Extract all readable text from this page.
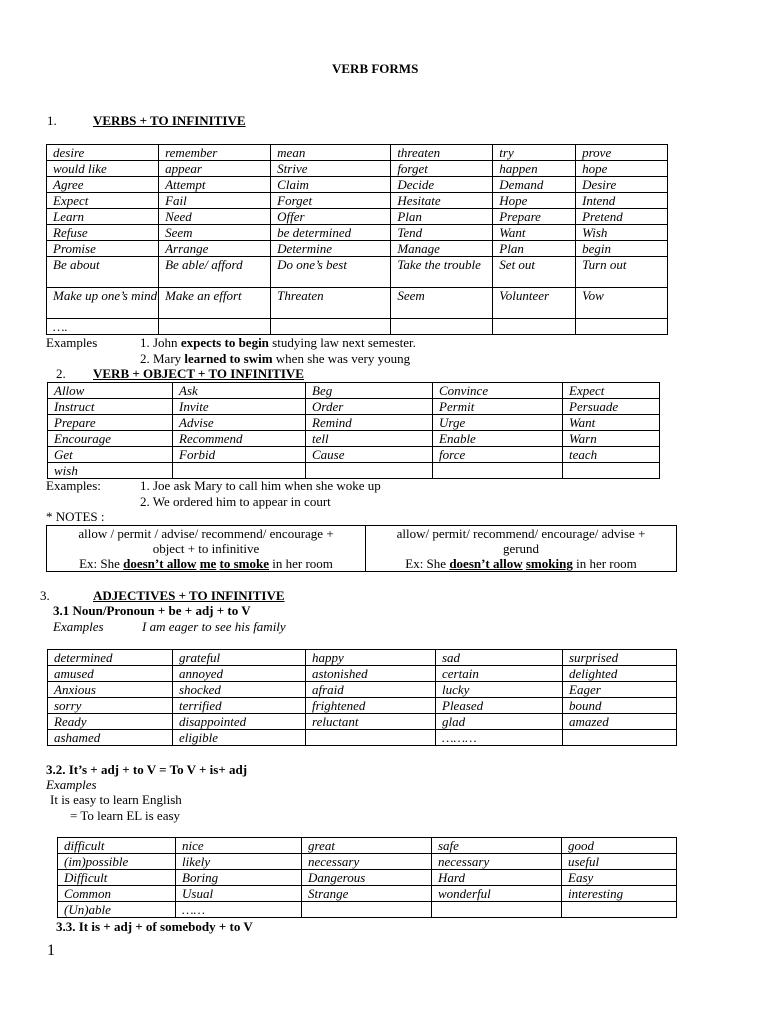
VERB FORMS
1.	VERBS + TO INFINITIVE
desire	remember	mean	threaten	try	prove
would like	appear	Strive	forget	happen	hope
Agree	Attempt	Claim	Decide	Demand	Desire
Expect	Fail	Forget	Hesitate	Hope	Intend
Learn	Need	Offer	Plan	Prepare	Pretend
Refuse	Seem	be determined	Tend	Want	Wish
Promise	Arrange	Determine	Manage	Plan	begin
Be about	Be able/ afford	Do one’s best	Take the trouble	Set out	Turn out
Make up one’s mind	Make an effort	Threaten	Seem	Volunteer	Vow
….					
Examples	1. John expects to begin studying law next semester.
2. Mary learned to swim when she was very young
2. VERB + OBJECT + TO INFINITIVE
Allow	Ask	Beg	Convince	Expect
Instruct	Invite	Order	Permit	Persuade
Prepare	Advise	Remind	Urge	Want
Encourage	Recommend	tell	Enable	Warn
Get	Forbid	Cause	force	teach
wish				
Examples:	1. Joe ask Mary to call him when she woke up
2. We ordered him to appear in court
* NOTES :
allow / permit / advise/ recommend/ encourage +
object + to infinitive
Ex: She doesn’t allow me to smoke in her room

allow/ permit/ recommend/ encourage/ advise +
gerund
Ex: She doesn’t allow smoking in her room
3.	ADJECTIVES + TO INFINITIVE
3.1 Noun/Pronoun + be + adj + to V
Examples	I am eager to see his family
determined	grateful	happy	sad	surprised
amused	annoyed	astonished	certain	delighted
Anxious	shocked	afraid	lucky	Eager
sorry	terrified	frightened	Pleased	bound
Ready	disappointed	reluctant	glad	amazed
ashamed	eligible		………	
3.2. It’s + adj + to V = To V + is+ adj
Examples
It is easy to learn English
= To learn EL is easy
difficult	nice	great	safe	good
(im)possible	likely	necessary	necessary	useful
Difficult	Boring	Dangerous	Hard	Easy
Common	Usual	Strange	wonderful	interesting
(Un)able	……			
3.3. It is + adj + of somebody + to V
1
